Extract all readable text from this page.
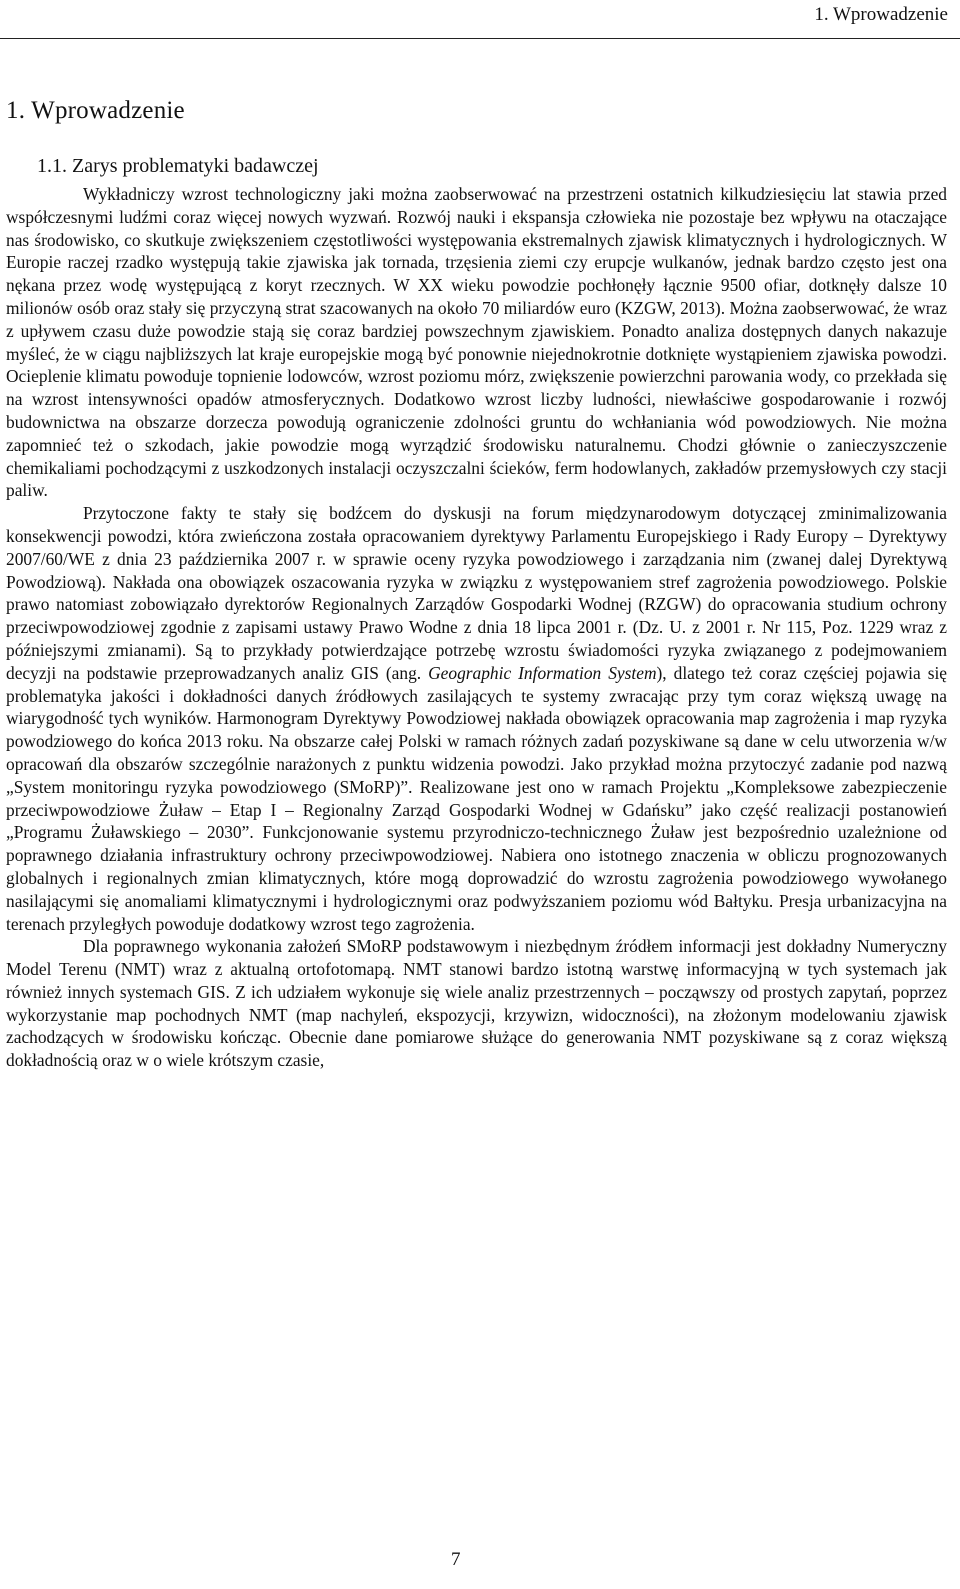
1. Wprowadzenie
1. Wprowadzenie
1.1. Zarys problematyki badawczej

Wykładniczy wzrost technologiczny jaki można zaobserwować na przestrzeni ostatnich kilkudziesięciu lat stawia przed współczesnymi ludźmi coraz więcej nowych wyzwań. Rozwój nauki i ekspansja człowieka nie pozostaje bez wpływu na otaczające nas środowisko, co skutkuje zwiększeniem częstotliwości występowania ekstremalnych zjawisk klimatycznych i hydrologicznych. W Europie raczej rzadko występują takie zjawiska jak tornada, trzęsienia ziemi czy erupcje wulkanów, jednak bardzo często jest ona nękana przez wodę występującą z koryt rzecznych. W XX wieku powodzie pochłonęły łącznie 9500 ofiar, dotknęły dalsze 10 milionów osób oraz stały się przyczyną strat szacowanych na około 70 miliardów euro (KZGW, 2013). Można zaobserwować, że wraz z upływem czasu duże powodzie stają się coraz bardziej powszechnym zjawiskiem. Ponadto analiza dostępnych danych nakazuje myśleć, że w ciągu najbliższych lat kraje europejskie mogą być ponownie niejednokrotnie dotknięte wystąpieniem zjawiska powodzi. Ocieplenie klimatu powoduje topnienie lodowców, wzrost poziomu mórz, zwiększenie powierzchni parowania wody, co przekłada się na wzrost intensywności opadów atmosferycznych. Dodatkowo wzrost liczby ludności, niewłaściwe gospodarowanie i rozwój budownictwa na obszarze dorzecza powodują ograniczenie zdolności gruntu do wchłaniania wód powodziowych. Nie można zapomnieć też o szkodach, jakie powodzie mogą wyrządzić środowisku naturalnemu. Chodzi głównie o zanieczyszczenie chemikaliami pochodzącymi z uszkodzonych instalacji oczyszczalni ścieków, ferm hodowlanych, zakładów przemysłowych czy stacji paliw.

Przytoczone fakty te stały się bodźcem do dyskusji na forum międzynarodowym dotyczącej zminimalizowania konsekwencji powodzi, która zwieńczona została opracowaniem dyrektywy Parlamentu Europejskiego i Rady Europy – Dyrektywy 2007/60/WE z dnia 23 października 2007 r. w sprawie oceny ryzyka powodziowego i zarządzania nim (zwanej dalej Dyrektywą Powodziową). Nakłada ona obowiązek oszacowania ryzyka w związku z występowaniem stref zagrożenia powodziowego. Polskie prawo natomiast zobowiązało dyrektorów Regionalnych Zarządów Gospodarki Wodnej (RZGW) do opracowania studium ochrony przeciwpowodziowej zgodnie z zapisami ustawy Prawo Wodne z dnia 18 lipca 2001 r. (Dz. U. z 2001 r. Nr 115, Poz. 1229 wraz z późniejszymi zmianami). Są to przykłady potwierdzające potrzebę wzrostu świadomości ryzyka związanego z podejmowaniem decyzji na podstawie przeprowadzanych analiz GIS (ang. Geographic Information System), dlatego też coraz częściej pojawia się problematyka jakości i dokładności danych źródłowych zasilających te systemy zwracając przy tym coraz większą uwagę na wiarygodność tych wyników. Harmonogram Dyrektywy Powodziowej nakłada obowiązek opracowania map zagrożenia i map ryzyka powodziowego do końca 2013 roku. Na obszarze całej Polski w ramach różnych zadań pozyskiwane są dane w celu utworzenia w/w opracowań dla obszarów szczególnie narażonych z punktu widzenia powodzi. Jako przykład można przytoczyć zadanie pod nazwą „System monitoringu ryzyka powodziowego (SMoRP)”. Realizowane jest ono w ramach Projektu „Kompleksowe zabezpieczenie przeciwpowodziowe Żuław – Etap I – Regionalny Zarząd Gospodarki Wodnej w Gdańsku” jako część realizacji postanowień „Programu Żuławskiego – 2030”. Funkcjonowanie systemu przyrodniczo-technicznego Żuław jest bezpośrednio uzależnione od poprawnego działania infrastruktury ochrony przeciwpowodziowej. Nabiera ono istotnego znaczenia w obliczu prognozowanych globalnych i regionalnych zmian klimatycznych, które mogą doprowadzić do wzrostu zagrożenia powodziowego wywołanego nasilającymi się anomaliami klimatycznymi i hydrologicznymi oraz podwyższaniem poziomu wód Bałtyku. Presja urbanizacyjna na terenach przyległych powoduje dodatkowy wzrost tego zagrożenia.

Dla poprawnego wykonania założeń SMoRP podstawowym i niezbędnym źródłem informacji jest dokładny Numeryczny Model Terenu (NMT) wraz z aktualną ortofotomapą. NMT stanowi bardzo istotną warstwę informacyjną w tych systemach jak również innych systemach GIS. Z ich udziałem wykonuje się wiele analiz przestrzennych – począwszy od prostych zapytań, poprzez wykorzystanie map pochodnych NMT (map nachyleń, ekspozycji, krzywizn, widoczności), na złożonym modelowaniu zjawisk zachodzących w środowisku kończąc. Obecnie dane pomiarowe służące do generowania NMT pozyskiwane są z coraz większą dokładnością oraz w o wiele krótszym czasie,

7
